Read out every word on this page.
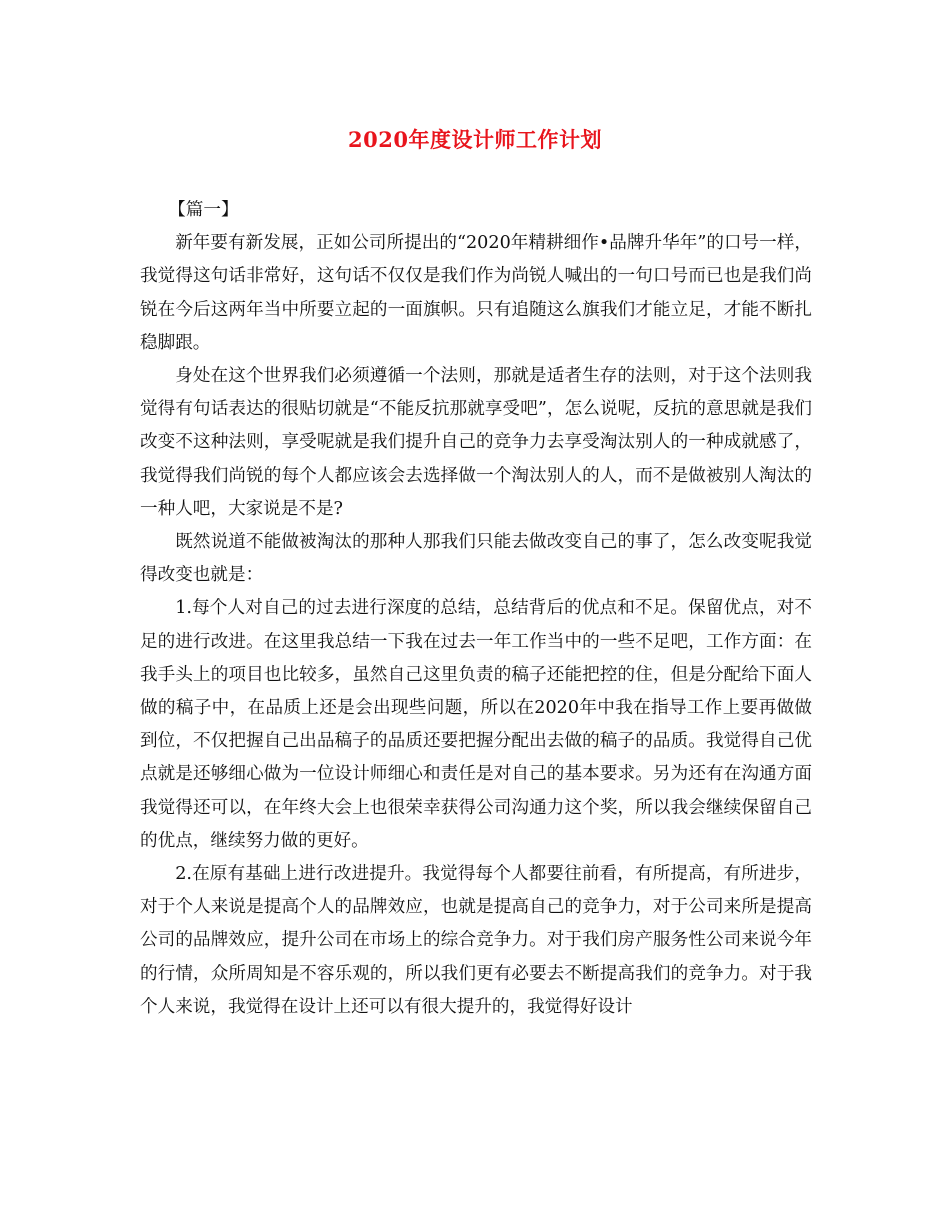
2020年度设计师工作计划

【篇一】

新年要有新发展，正如公司所提出的“2020年精耕细作•品牌升华年”的口号一样，我觉得这句话非常好，这句话不仅仅是我们作为尚锐人喊出的一句口号而已也是我们尚锐在今后这两年当中所要立起的一面旗帜。只有追随这么旗我们才能立足，才能不断扎稳脚跟。

身处在这个世界我们必须遵循一个法则，那就是适者生存的法则，对于这个法则我觉得有句话表达的很贴切就是“不能反抗那就享受吧”，怎么说呢，反抗的意思就是我们改变不这种法则，享受呢就是我们提升自己的竞争力去享受淘汰别人的一种成就感了，我觉得我们尚锐的每个人都应该会去选择做一个淘汰别人的人，而不是做被别人淘汰的一种人吧，大家说是不是?

既然说道不能做被淘汰的那种人那我们只能去做改变自己的事了，怎么改变呢我觉得改变也就是：

1.每个人对自己的过去进行深度的总结，总结背后的优点和不足。保留优点，对不足的进行改进。在这里我总结一下我在过去一年工作当中的一些不足吧，工作方面：在我手头上的项目也比较多，虽然自己这里负责的稿子还能把控的住，但是分配给下面人做的稿子中，在品质上还是会出现些问题，所以在2020年中我在指导工作上要再做做到位，不仅把握自己出品稿子的品质还要把握分配出去做的稿子的品质。我觉得自己优点就是还够细心做为一位设计师细心和责任是对自己的基本要求。另为还有在沟通方面我觉得还可以，在年终大会上也很荣幸获得公司沟通力这个奖，所以我会继续保留自己的优点，继续努力做的更好。

2.在原有基础上进行改进提升。我觉得每个人都要往前看，有所提高，有所进步，对于个人来说是提高个人的品牌效应，也就是提高自己的竞争力，对于公司来所是提高公司的品牌效应，提升公司在市场上的综合竞争力。对于我们房产服务性公司来说今年的行情，众所周知是不容乐观的，所以我们更有必要去不断提高我们的竞争力。对于我个人来说，我觉得在设计上还可以有很大提升的，我觉得好设计
